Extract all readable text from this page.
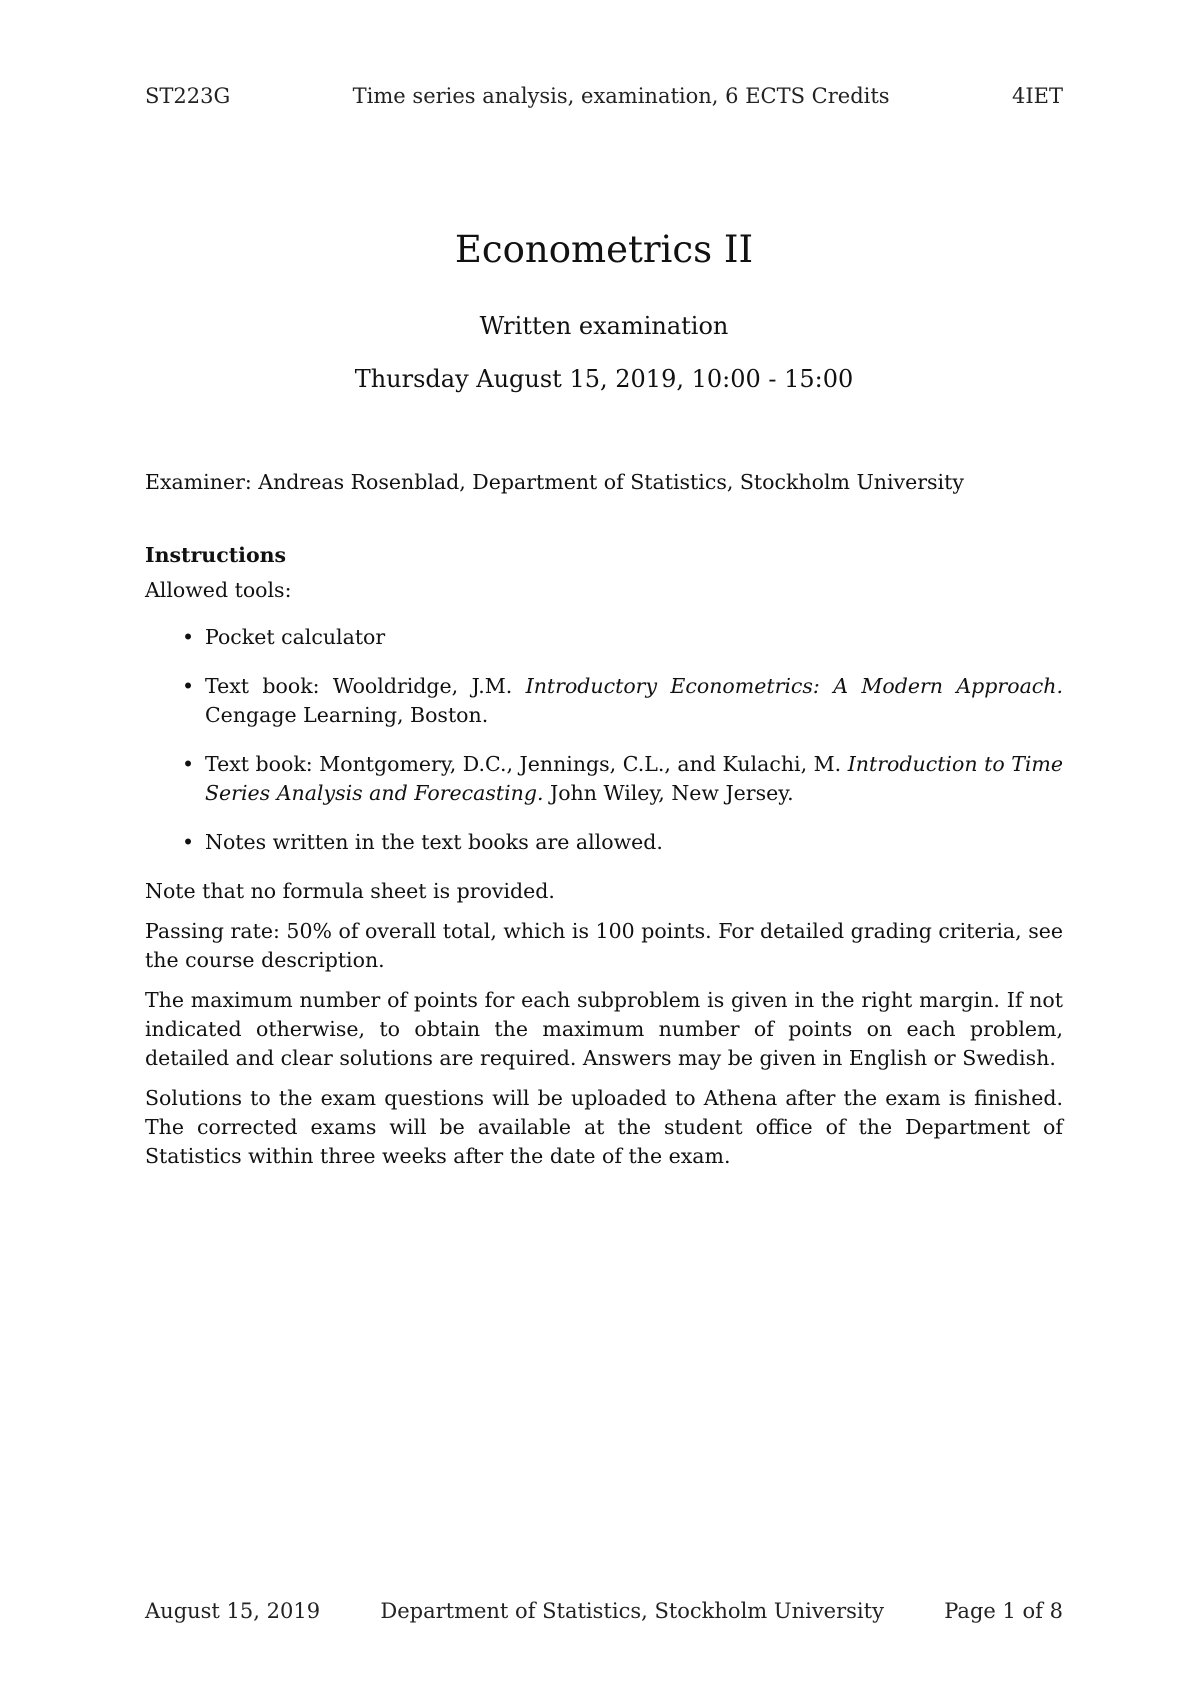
ST223G	Time series analysis, examination, 6 ECTS Credits	4IET
Econometrics II
Written examination
Thursday August 15, 2019, 10:00 - 15:00

Examiner: Andreas Rosenblad, Department of Statistics, Stockholm University

Instructions

Allowed tools:

• Pocket calculator
• Text book: Wooldridge, J.M. Introductory Econometrics: A Modern Approach. Cengage Learning, Boston.
• Text book: Montgomery, D.C., Jennings, C.L., and Kulachi, M. Introduction to Time Series Analysis and Forecasting. John Wiley, New Jersey.
• Notes written in the text books are allowed.

Note that no formula sheet is provided.

Passing rate: 50% of overall total, which is 100 points. For detailed grading criteria, see the course description.

The maximum number of points for each subproblem is given in the right margin. If not indicated otherwise, to obtain the maximum number of points on each problem, detailed and clear solutions are required. Answers may be given in English or Swedish.

Solutions to the exam questions will be uploaded to Athena after the exam is finished. The corrected exams will be available at the student office of the Department of Statistics within three weeks after the date of the exam.

August 15, 2019	Department of Statistics, Stockholm University	Page 1 of 8
